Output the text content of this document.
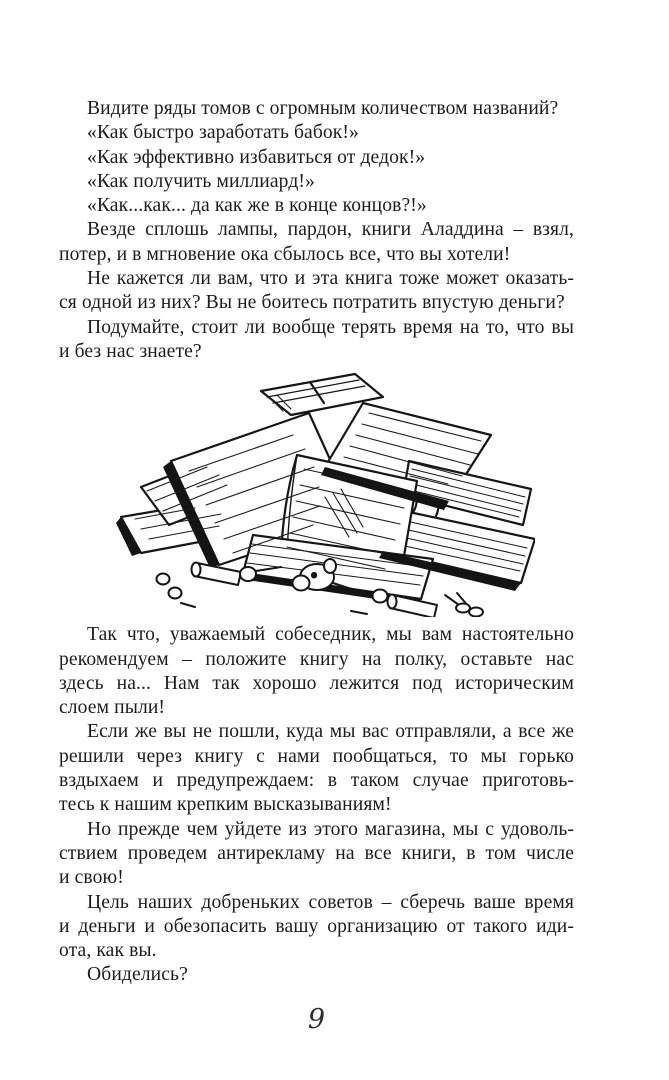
Видите ряды томов с огромным количеством названий?
«Как быстро заработать бабок!»
«Как эффективно избавиться от дедок!»
«Как получить миллиард!»
«Как...как... да как же в конце концов?!»
Везде сплошь лампы, пардон, книги Аладдина – взял,
потер, и в мгновение ока сбылось все, что вы хотели!
Не кажется ли вам, что и эта книга тоже может оказать-
ся одной из них? Вы не боитесь потратить впустую деньги?
Подумайте, стоит ли вообще терять время на то, что вы
и без нас знаете?
Так что, уважаемый собеседник, мы вам настоятельно
рекомендуем – положите книгу на полку, оставьте нас
здесь на... Нам так хорошо лежится под историческим
слоем пыли!
Если же вы не пошли, куда мы вас отправляли, а все же
решили через книгу с нами пообщаться, то мы горько
вздыхаем и предупреждаем: в таком случае приготовь-
тесь к нашим крепким высказываниям!
Но прежде чем уйдете из этого магазина, мы с удоволь-
ствием проведем антирекламу на все книги, в том числе
и свою!
Цель наших добреньких советов – сберечь ваше время
и деньги и обезопасить вашу организацию от такого иди-
ота, как вы.
Обиделись?
9
